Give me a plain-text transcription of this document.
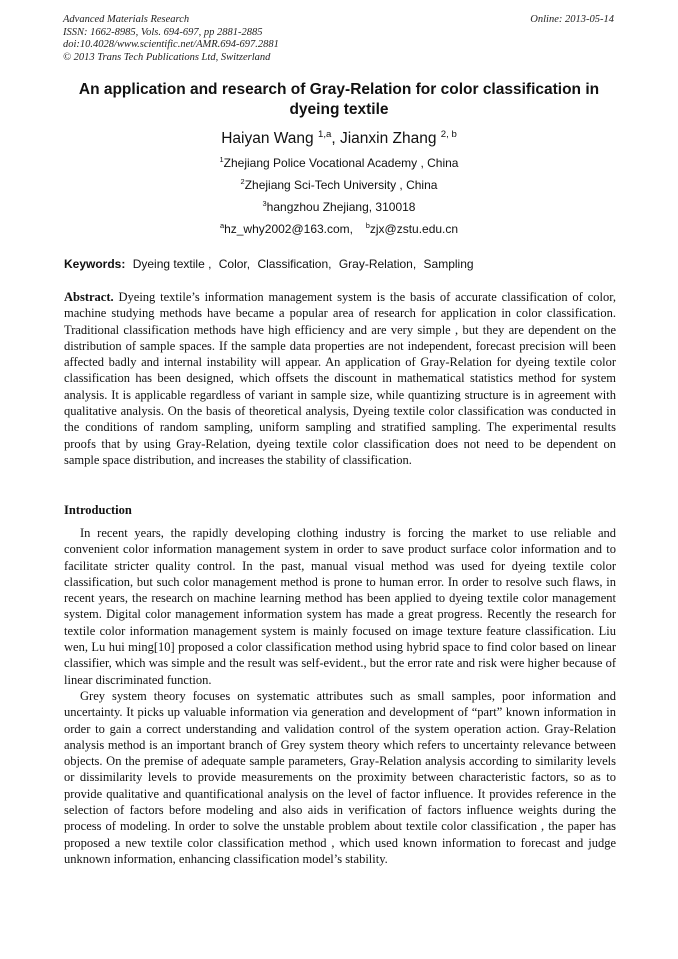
Advanced Materials Research
ISSN: 1662-8985, Vols. 694-697, pp 2881-2885
doi:10.4028/www.scientific.net/AMR.694-697.2881
© 2013 Trans Tech Publications Ltd, Switzerland
Online: 2013-05-14
An application and research of Gray-Relation for color classification in dyeing textile
Haiyan Wang $^{1,a}$, Jianxin Zhang $^{2, b}$
$^1$Zhejiang Police Vocational Academy , China
$^2$Zhejiang Sci-Tech University , China
$^3$hangzhou Zhejiang, 310018
$^a$hz_why2002@163.com, $^b$zjx@zstu.edu.cn
Keywords: Dyeing textile , Color, Classification, Gray-Relation, Sampling

Abstract. Dyeing textile’s information management system is the basis of accurate classification of color, machine studying methods have became a popular area of research for application in color classification. Traditional classification methods have high efficiency and are very simple , but they are dependent on the distribution of sample spaces. If the sample data properties are not independent, forecast precision will been affected badly and internal instability will appear. An application of Gray-Relation for dyeing textile color classification has been designed, which offsets the discount in mathematical statistics method for system analysis. It is applicable regardless of variant in sample size, while quantizing structure is in agreement with qualitative analysis. On the basis of theoretical analysis, Dyeing textile color classification was conducted in the conditions of random sampling, uniform sampling and stratified sampling. The experimental results proofs that by using Gray-Relation, dyeing textile color classification does not need to be dependent on sample space distribution, and increases the stability of classification.

Introduction

In recent years, the rapidly developing clothing industry is forcing the market to use reliable and convenient color information management system in order to save product surface color information and to facilitate stricter quality control. In the past, manual visual method was used for dyeing textile color classification, but such color management method is prone to human error. In order to resolve such flaws, in recent years, the research on machine learning method has been applied to dyeing textile color management system. Digital color management information system has made a great progress. Recently the research for textile color information management system is mainly focused on image texture feature classification. Liu wen, Lu hui ming[10] proposed a color classification method using hybrid space to find color based on linear classifier, which was simple and the result was self-evident., but the error rate and risk were higher because of linear discriminated function.

Grey system theory focuses on systematic attributes such as small samples, poor information and uncertainty. It picks up valuable information via generation and development of “part” known information in order to gain a correct understanding and validation control of the system operation action. Gray-Relation analysis method is an important branch of Grey system theory which refers to uncertainty relevance between objects. On the premise of adequate sample parameters, Gray-Relation analysis according to similarity levels or dissimilarity levels to provide measurements on the proximity between characteristic factors, so as to provide qualitative and quantificational analysis on the level of factor influence. It provides reference in the selection of factors before modeling and also aids in verification of factors influence weights during the process of modeling. In order to solve the unstable problem about textile color classification , the paper has proposed a new textile color classification method , which used known information to forecast and judge unknown information, enhancing classification model’s stability.
